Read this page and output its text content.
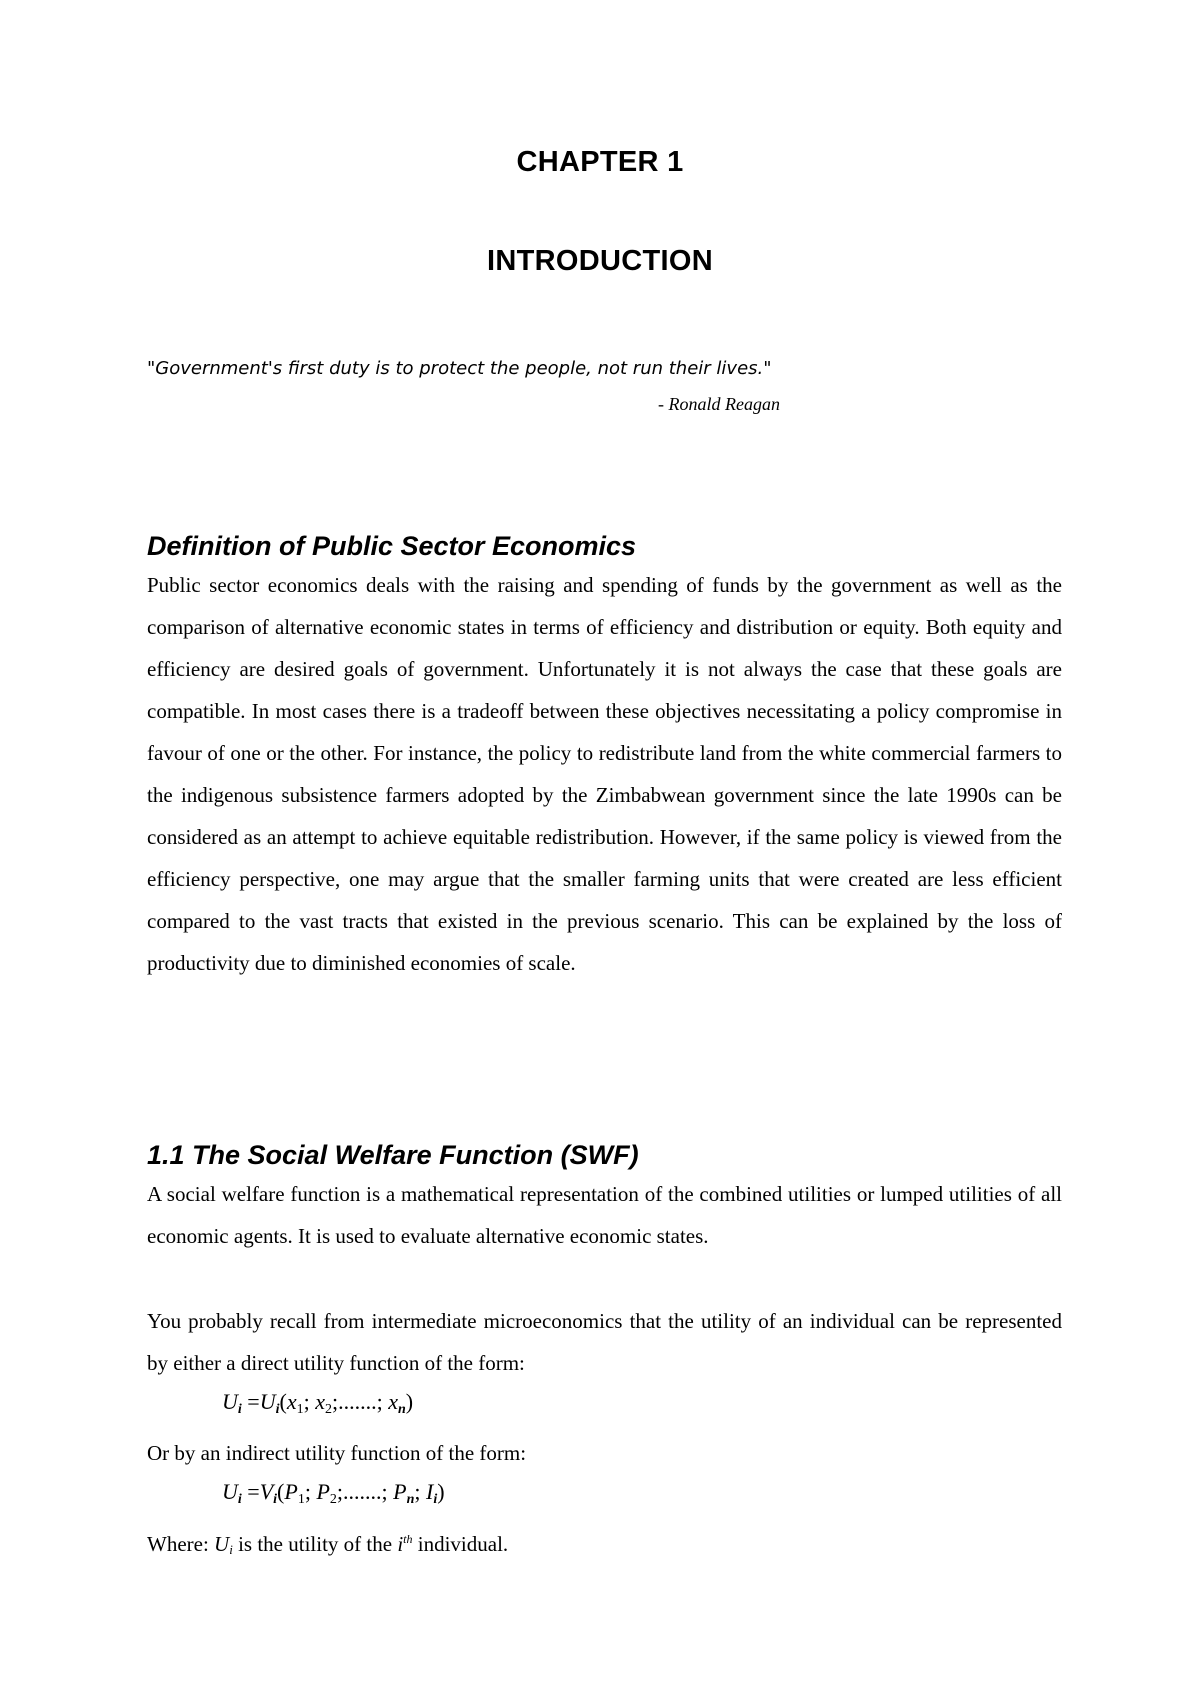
CHAPTER 1
INTRODUCTION

"Government's first duty is to protect the people, not run their lives."

- Ronald Reagan

Definition of Public Sector Economics

Public sector economics deals with the raising and spending of funds by the government as well as the comparison of alternative economic states in terms of efficiency and distribution or equity. Both equity and efficiency are desired goals of government. Unfortunately it is not always the case that these goals are compatible. In most cases there is a tradeoff between these objectives necessitating a policy compromise in favour of one or the other. For instance, the policy to redistribute land from the white commercial farmers to the indigenous subsistence farmers adopted by the Zimbabwean government since the late 1990s can be considered as an attempt to achieve equitable redistribution. However, if the same policy is viewed from the efficiency perspective, one may argue that the smaller farming units that were created are less efficient compared to the vast tracts that existed in the previous scenario. This can be explained by the loss of productivity due to diminished economies of scale.

1.1 The Social Welfare Function (SWF)

A social welfare function is a mathematical representation of the combined utilities or lumped utilities of all economic agents. It is used to evaluate alternative economic states.

You probably recall from intermediate microeconomics that the utility of an individual can be represented by either a direct utility function of the form:

$U_i =U_i(x_1$; $x_2$;.......; $x_n$)

Or by an indirect utility function of the form:

$U_i =V_i(P_1$; $P_2$;.......; $P_n$; $I_i$)

Where: $U_i$ is the utility of the $i^{th}$ individual.
